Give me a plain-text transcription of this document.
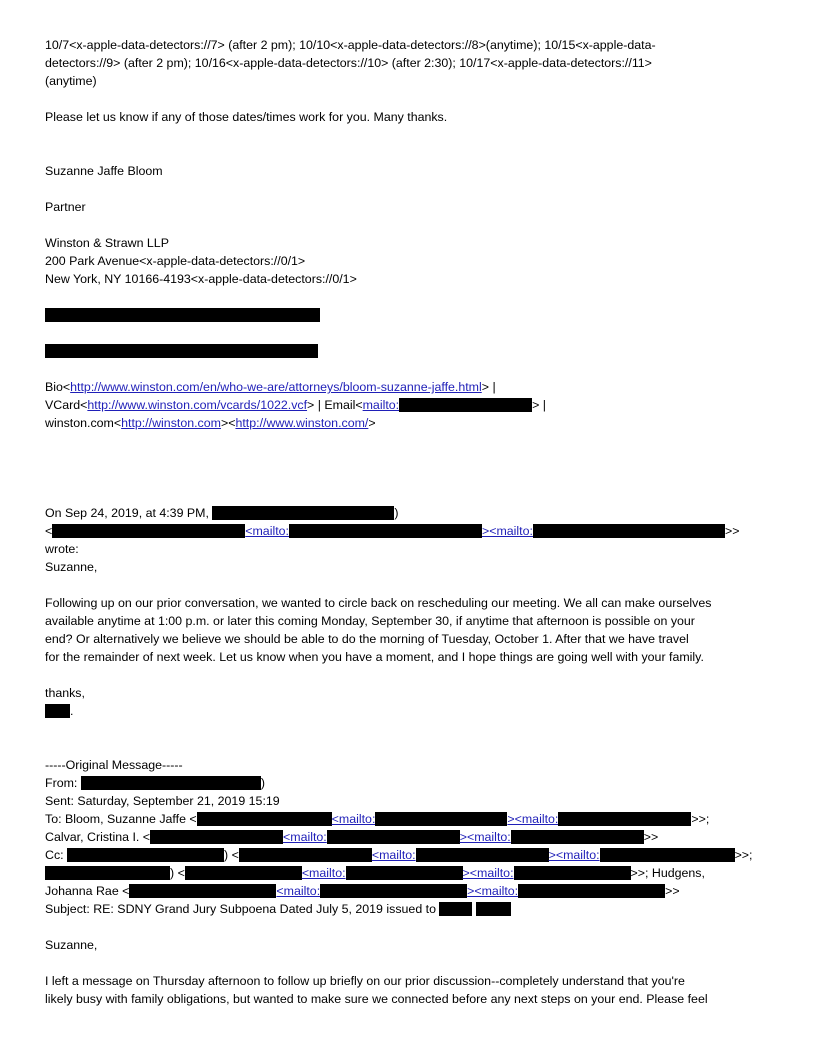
10/7<x-apple-data-detectors://7> (after 2 pm); 10/10<x-apple-data-detectors://8>(anytime); 10/15<x-apple-data-
detectors://9> (after 2 pm); 10/16<x-apple-data-detectors://10> (after 2:30); 10/17<x-apple-data-detectors://11>
(anytime)
Please let us know if any of those dates/times work for you. Many thanks.
Suzanne Jaffe Bloom
Partner
Winston & Strawn LLP
200 Park Avenue<x-apple-data-detectors://0/1>
New York, NY 10166-4193<x-apple-data-detectors://0/1>
Bio<http://www.winston.com/en/who-we-are/attorneys/bloom-suzanne-jaffe.html> |
VCard<http://www.winston.com/vcards/1022.vcf> | Email<mailto:	> |
winston.com<http://winston.com><http://www.winston.com/>
On Sep 24, 2019, at 4:39 PM,	)
<	<mailto:	><mailto:	>>
wrote:
Suzanne,
Following up on our prior conversation, we wanted to circle back on rescheduling our meeting. We all can make ourselves
available anytime at 1:00 p.m. or later this coming Monday, September 30, if anytime that afternoon is possible on your
end? Or alternatively we believe we should be able to do the morning of Tuesday, October 1. After that we have travel
for the remainder of next week. Let us know when you have a moment, and I hope things are going well with your family.
thanks,
.
-----Original Message-----
From:	)
Sent: Saturday, September 21, 2019 15:19
To: Bloom, Suzanne Jaffe <	<mailto:	><mailto:	>>;
Calvar, Cristina I. <	<mailto:	><mailto:	>>
Cc:	) <	<mailto:	><mailto:	>>;
) <	<mailto:	><mailto:	>>; Hudgens,
Johanna Rae <	<mailto:	><mailto:	>>
Subject: RE: SDNY Grand Jury Subpoena Dated July 5, 2019 issued to
Suzanne,
I left a message on Thursday afternoon to follow up briefly on our prior discussion--completely understand that you're
likely busy with family obligations, but wanted to make sure we connected before any next steps on your end. Please feel
